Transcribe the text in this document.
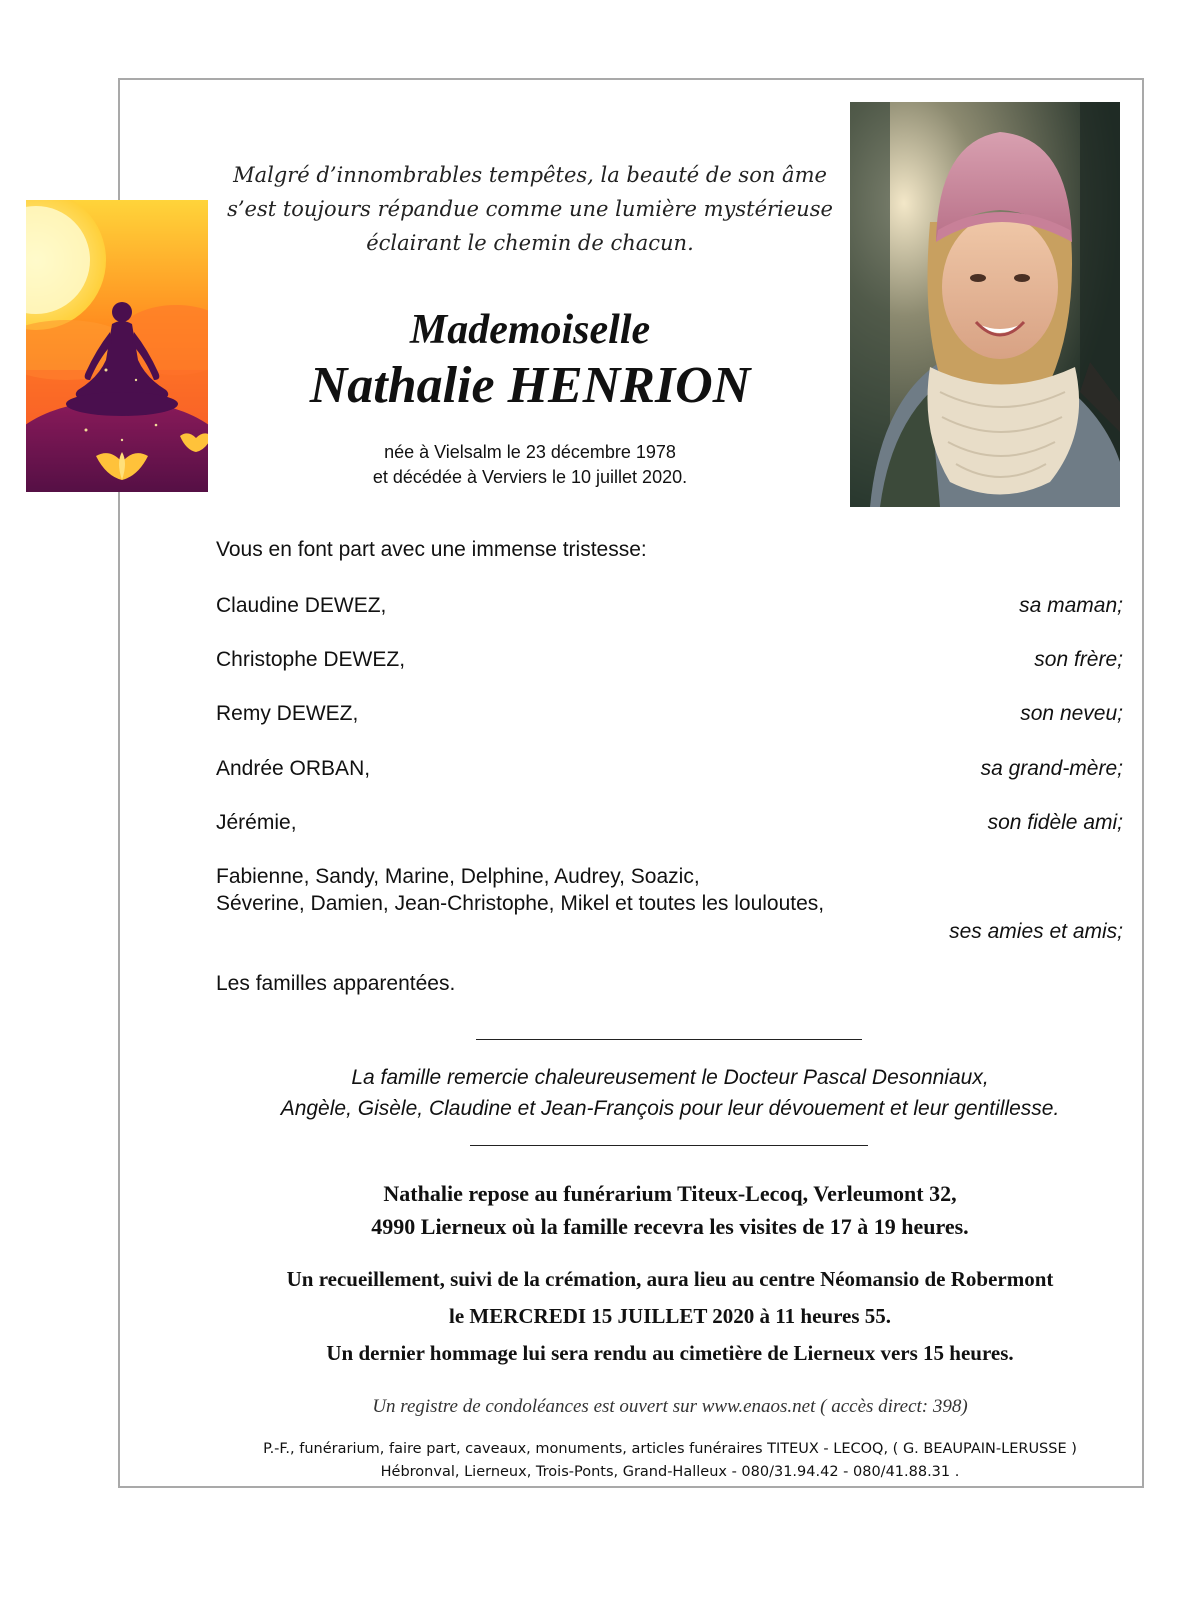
Malgré d’innombrables tempêtes, la beauté de son âme
s’est toujours répandue comme une lumière mystérieuse
éclairant le chemin de chacun.
Mademoiselle
Nathalie HENRION
née à Vielsalm le 23 décembre 1978
et décédée à Verviers le 10 juillet 2020.
Vous en font part avec une immense tristesse:
Claudine DEWEZ,	sa maman;
Christophe DEWEZ,	son frère;
Remy DEWEZ,	son neveu;
Andrée ORBAN,	sa grand-mère;
Jérémie,	son fidèle ami;
Fabienne, Sandy, Marine, Delphine, Audrey, Soazic,
Séverine, Damien, Jean-Christophe, Mikel et toutes les louloutes,
ses amies et amis;
Les familles apparentées.
La famille remercie chaleureusement le Docteur Pascal Desonniaux,
Angèle, Gisèle, Claudine et Jean-François pour leur dévouement et leur gentillesse.
Nathalie repose au funérarium Titeux-Lecoq, Verleumont 32,
4990 Lierneux où la famille recevra les visites de 17 à 19 heures.
Un recueillement, suivi de la crémation, aura lieu au centre Néomansio de Robermont
le MERCREDI 15 JUILLET 2020 à 11 heures 55.
Un dernier hommage lui sera rendu au cimetière de Lierneux vers 15 heures.
Un registre de condoléances est ouvert sur www.enaos.net ( accès direct: 398)
P.-F., funérarium, faire part, caveaux, monuments, articles funéraires TITEUX - LECOQ, ( G. BEAUPAIN-LERUSSE )
Hébronval, Lierneux, Trois-Ponts, Grand-Halleux - 080/31.94.42 - 080/41.88.31 .
